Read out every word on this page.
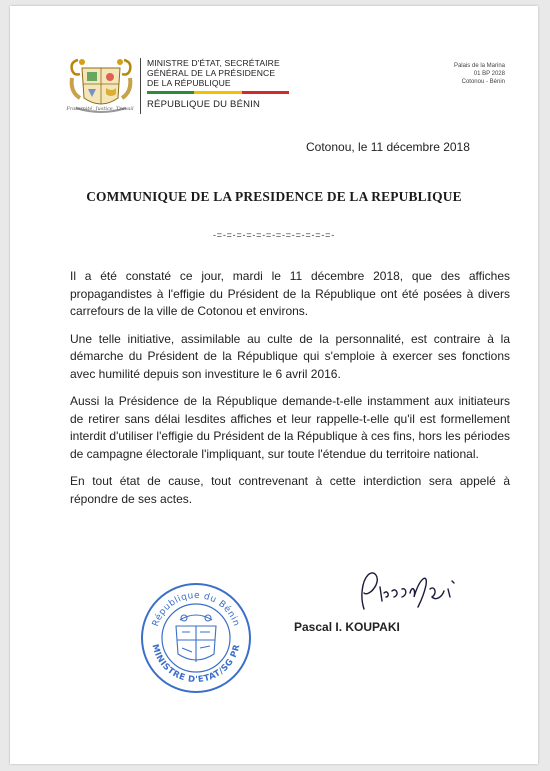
Fraternité, Justice, Travail
MINISTRE D'ÉTAT, SECRÉTAIRE
GÉNÉRAL DE LA PRÉSIDENCE
DE LA RÉPUBLIQUE
RÉPUBLIQUE DU BÉNIN
Palais de la Marina
01 BP 2028
Cotonou - Bénin
Cotonou, le 11 décembre 2018
COMMUNIQUE DE LA PRESIDENCE DE LA REPUBLIQUE
-=-=-=-=-=-=-=-=-=-=-=-=-

Il a été constaté ce jour, mardi le 11 décembre 2018, que des affiches propagandistes à l'effigie du Président de la République ont été posées à divers carrefours de la ville de Cotonou et environs.

Une telle initiative, assimilable au culte de la personnalité, est contraire à la démarche du Président de la République qui s'emploie à exercer ses fonctions avec humilité depuis son investiture le 6 avril 2016.

Aussi la Présidence de la République demande-t-elle instamment aux initiateurs de retirer sans délai lesdites affiches et leur rappelle-t-elle qu'il est formellement interdit d'utiliser l'effigie du Président de la République à ces fins, hors les périodes de campagne électorale l'impliquant, sur toute l'étendue du territoire national.

En tout état de cause, tout contrevenant à cette interdiction sera appelé à répondre de ses actes.

Pascal I. KOUPAKI
République du Bénin
MINISTRE D'ETAT/SG PR
